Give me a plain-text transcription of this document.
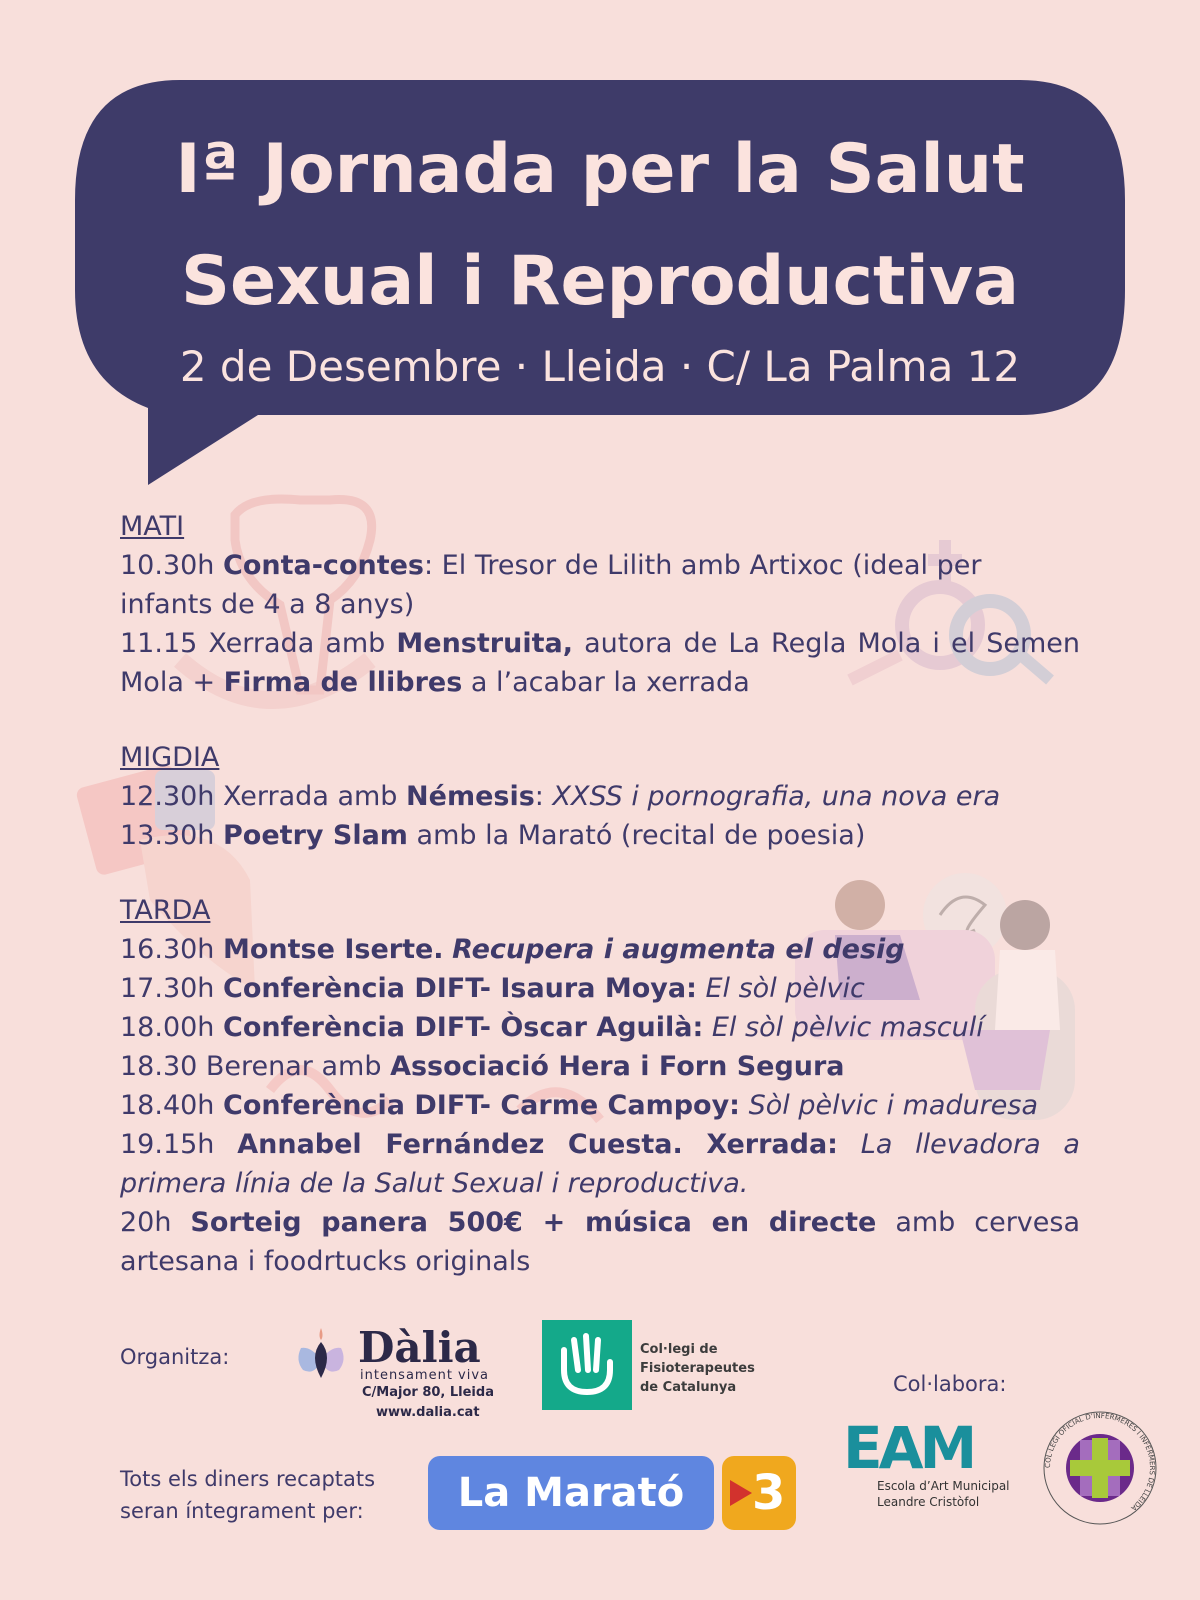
Iª Jornada per la Salut
Sexual i Reproductiva
2 de Desembre · Lleida · C/ La Palma 12

MATI

10.30h Conta-contes: El Tresor de Lilith amb Artixoc (ideal per infants de 4 a 8 anys)

11.15 Xerrada amb Menstruita, autora de La Regla Mola i el Semen Mola + Firma de llibres a l’acabar la xerrada

MIGDIA

12.30h Xerrada amb Némesis: XXSS i pornografia, una nova era

13.30h Poetry Slam amb la Marató (recital de poesia)

TARDA

16.30h Montse Iserte. Recupera i augmenta el desig

17.30h Conferència DIFT- Isaura Moya: El sòl pèlvic

18.00h Conferència DIFT- Òscar Aguilà: El sòl pèlvic masculí

18.30 Berenar amb Associació Hera i Forn Segura

18.40h Conferència DIFT- Carme Campoy: Sòl pèlvic i maduresa

19.15h Annabel Fernández Cuesta. Xerrada: La llevadora a primera línia de la Salut Sexual i reproductiva.

20h Sorteig panera 500€ + música en directe amb cervesa artesana i foodrtucks originals

Organitza:
Col·labora:
Dàlia
intensament viva
C/Major 80, Lleida
www.dalia.cat
Col·legi de
Fisioterapeutes
de Catalunya
Tots els diners recaptats
seran íntegrament per:	La Marató	3
EAM
Escola d’Art Municipal
Leandre Cristòfol
COL·LEGI OFICIAL D’INFERMERES I INFERMERS DE LLEIDA
